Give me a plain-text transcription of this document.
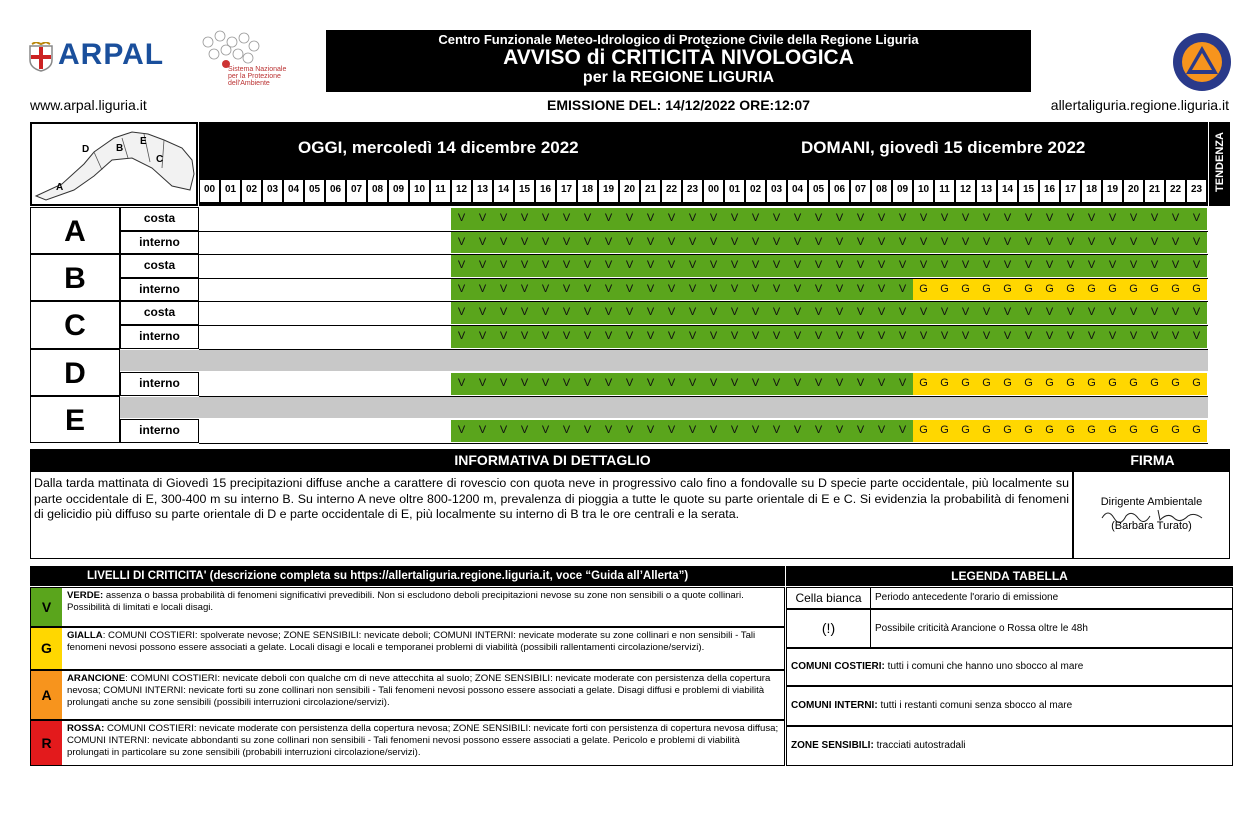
ARPAL	Sistema Nazionale per la Protezione dell'Ambiente
Centro Funzionale Meteo-Idrologico di Protezione Civile della Regione Liguria
AVVISO di CRITICITÀ NIVOLOGICA
per la REGIONE LIGURIA
www.arpal.liguria.it	EMISSIONE DEL: 14/12/2022 ORE:12:07	allertaliguria.regione.liguria.it
A
B
C
D
E	OGGI, mercoledì 14 dicembre 2022	DOMANI, giovedì 15 dicembre 2022
00 01 02 03 04 05 06 07 08 09 10	11	12 13 14 15 16 17 18 19 20 21 22 23 00 01 02 03 04 05 06 07 08 09 10	11	12 13 14 15 16 17 18 19 20 21 22 23	TENDENZA
A	costa	V	V	V	V	V	V	V	V	V	V	V	V	V	V	V	V	V	V	V	V	V	V	V	V	V	V	V	V	V	V	V	V	V	V	V	V
interno	V	V	V	V	V	V	V	V	V	V	V	V	V	V	V	V	V	V	V	V	V	V	V	V	V	V	V	V	V	V	V	V	V	V	V	V
B	costa	V	V	V	V	V	V	V	V	V	V	V	V	V	V	V	V	V	V	V	V	V	V	V	V	V	V	V	V	V	V	V	V	V	V	V	V
interno	V	V	V	V	V	V	V	V	V	V	V	V	V	V	V	V	V	V	V	V	V	V	G	G	G	G	G	G	G	G	G	G	G	G	G	G
C	costa	V	V	V	V	V	V	V	V	V	V	V	V	V	V	V	V	V	V	V	V	V	V	V	V	V	V	V	V	V	V	V	V	V	V	V	V
interno	V	V	V	V	V	V	V	V	V	V	V	V	V	V	V	V	V	V	V	V	V	V	V	V	V	V	V	V	V	V	V	V	V	V	V	V
D	interno	V	V	V	V	V	V	V	V	V	V	V	V	V	V	V	V	V	V	V	V	V	V	G	G	G	G	G	G	G	G	G	G	G	G	G	G
E	interno	V	V	V	V	V	V	V	V	V	V	V	V	V	V	V	V	V	V	V	V	V	V	G	G	G	G	G	G	G	G	G	G	G	G	G	G
INFORMATIVA DI DETTAGLIO	FIRMA
Dalla tarda mattinata di Giovedì 15 precipitazioni diffuse anche a carattere di rovescio con quota neve in progressivo calo fino a fondovalle su D specie parte occidentale, più localmente su parte occidentale di E, 300-400 m su interno B. Su interno A neve oltre 800-1200 m, prevalenza di pioggia a tutte le quote su parte orientale di E e C. Si evidenzia la probabilità di fenomeni di gelicidio più diffuso su parte orientale di D e parte occidentale di E, più localmente su interno di B tra le ore centrali e la serata.
Dirigente Ambientale
(Barbara Turato)
LIVELLI DI CRITICITA' (descrizione completa su https://allertaliguria.regione.liguria.it, voce “Guida all’Allerta”)	LEGENDA TABELLA
V
VERDE: assenza o bassa probabilità di fenomeni significativi prevedibili. Non si escludono deboli precipitazioni nevose su zone non sensibili o a quote collinari. Possibilità di limitati e locali disagi.
G
GIALLA: COMUNI COSTIERI: spolverate nevose; ZONE SENSIBILI: nevicate deboli; COMUNI INTERNI: nevicate moderate su zone collinari e non sensibili - Tali fenomeni nevosi possono essere associati a gelate. Locali disagi e locali e temporanei problemi di viabilità (possibili rallentamenti circolazione/servizi).
A
ARANCIONE: COMUNI COSTIERI: nevicate deboli con qualche cm di neve attecchita al suolo; ZONE SENSIBILI: nevicate moderate con persistenza della copertura nevosa; COMUNI INTERNI: nevicate forti su zone collinari non sensibili - Tali fenomeni nevosi possono essere associati a gelate. Disagi diffusi e problemi di viabilità prolungati anche su zone sensibili (possibili interruzioni circolazione/servizi).
R
ROSSA: COMUNI COSTIERI: nevicate moderate con persistenza della copertura nevosa; ZONE SENSIBILI: nevicate forti con persistenza di copertura nevosa diffusa; COMUNI INTERNI: nevicate abbondanti su zone collinari non sensibili - Tali fenomeni nevosi possono essere associati a gelate. Pericolo e problemi di viabilità prolungati in particolare su zone sensibili (probabili interruzioni circolazione/servizi).
Cella bianca	Periodo antecedente l'orario di emissione
(!)	Possibile criticità Arancione o Rossa oltre le 48h
COMUNI COSTIERI: tutti i comuni che hanno uno sbocco al mare
COMUNI INTERNI: tutti i restanti comuni senza sbocco al mare
ZONE SENSIBILI: tracciati autostradali
